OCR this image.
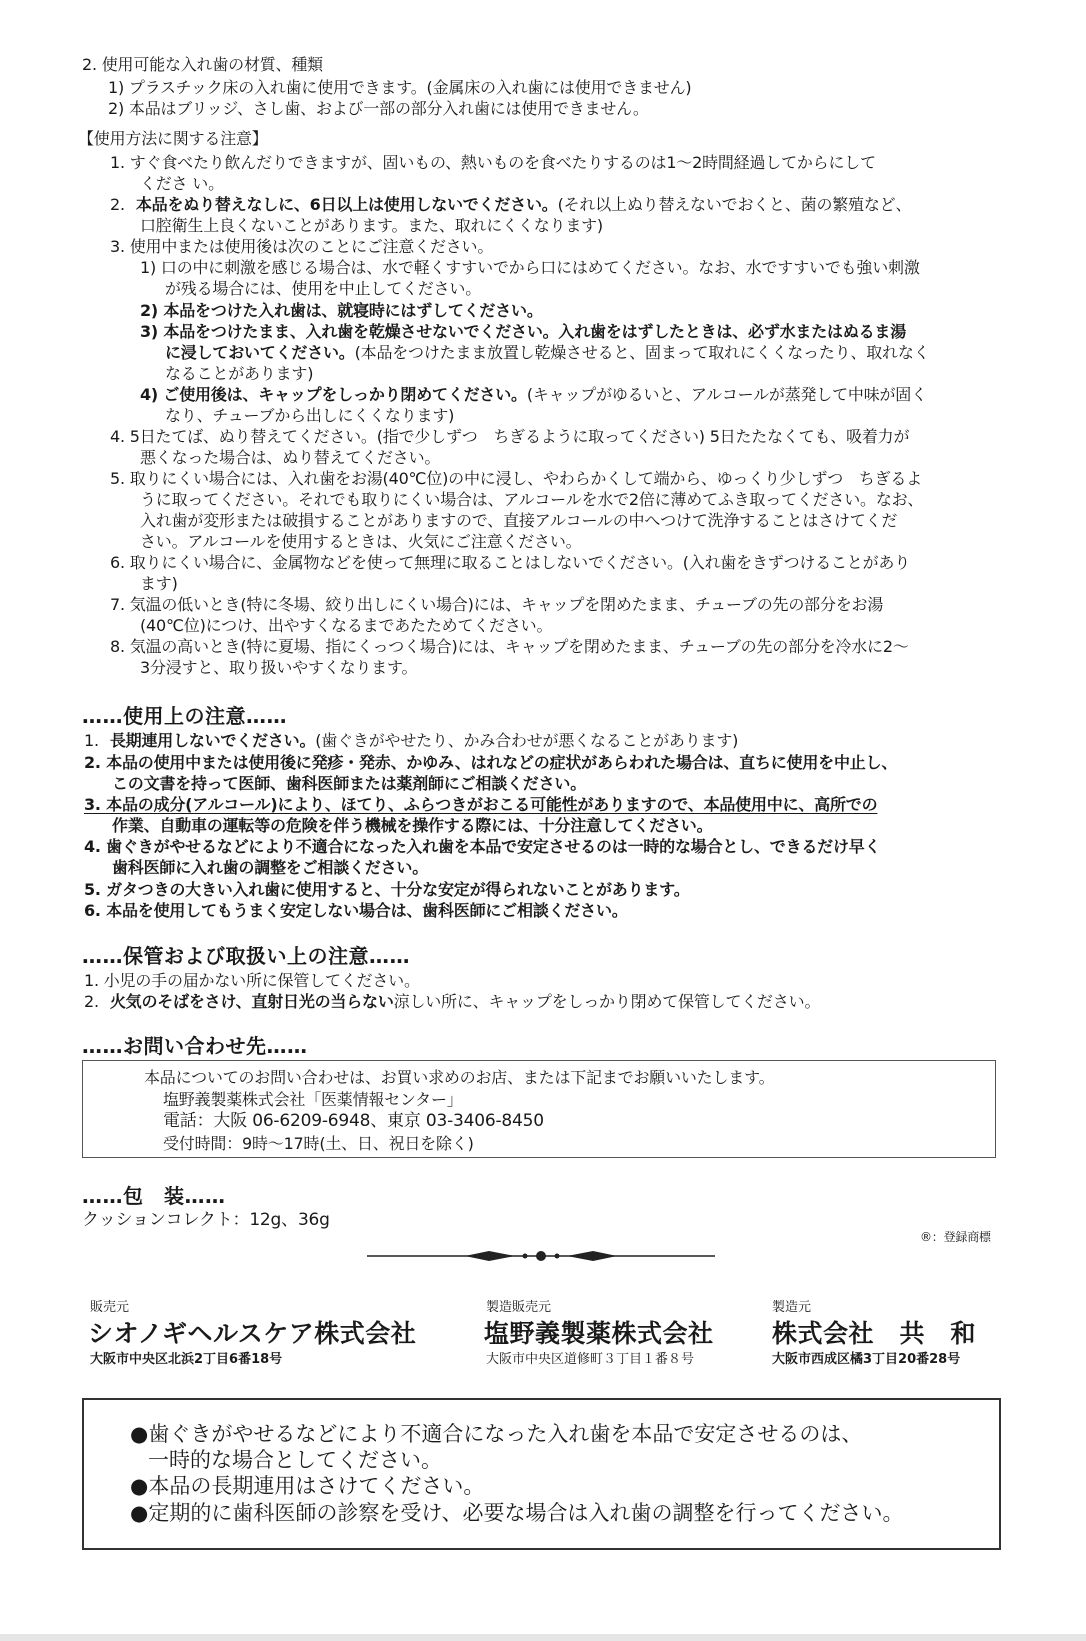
2. 使用可能な入れ歯の材質、種類
1) プラスチック床の入れ歯に使用できます。(金属床の入れ歯には使用できません)
2) 本品はブリッジ、さし歯、および一部の部分入れ歯には使用できません。
【使用方法に関する注意】
1. すぐ食べたり飲んだりできますが、固いもの、熱いものを食べたりするのは1～2時間経過してからにして
くださ い。
2. 本品をぬり替えなしに、6日以上は使用しないでください。(それ以上ぬり替えないでおくと、菌の繁殖など、
口腔衛生上良くないことがあります。また、取れにくくなります)
3. 使用中または使用後は次のことにご注意ください。
1) 口の中に刺激を感じる場合は、水で軽くすすいでから口にはめてください。なお、水ですすいでも強い刺激
が残る場合には、使用を中止してください。
2) 本品をつけた入れ歯は、就寝時にはずしてください。
3) 本品をつけたまま、入れ歯を乾燥させないでください。入れ歯をはずしたときは、必ず水またはぬるま湯
に浸しておいてください。(本品をつけたまま放置し乾燥させると、固まって取れにくくなったり、取れなく
なることがあります)
4) ご使用後は、キャップをしっかり閉めてください。(キャップがゆるいと、アルコールが蒸発して中味が固く
なり、チューブから出しにくくなります)
4. 5日たてば、ぬり替えてください。(指で少しずつ　ちぎるように取ってください) 5日たたなくても、吸着力が
悪くなった場合は、ぬり替えてください。
5. 取りにくい場合には、入れ歯をお湯(40℃位)の中に浸し、やわらかくして端から、ゆっくり少しずつ　ちぎるよ
うに取ってください。それでも取りにくい場合は、アルコールを水で2倍に薄めてふき取ってください。なお、
入れ歯が変形または破損することがありますので、直接アルコールの中へつけて洗浄することはさけてくだ
さい。アルコールを使用するときは、火気にご注意ください。
6. 取りにくい場合に、金属物などを使って無理に取ることはしないでください。(入れ歯をきずつけることがあり
ます)
7. 気温の低いとき(特に冬場、絞り出しにくい場合)には、キャップを閉めたまま、チューブの先の部分をお湯
(40℃位)につけ、出やすくなるまであたためてください。
8. 気温の高いとき(特に夏場、指にくっつく場合)には、キャップを閉めたまま、チューブの先の部分を冷水に2～
3分浸すと、取り扱いやすくなります。
……使用上の注意……
1. 長期連用しないでください。(歯ぐきがやせたり、かみ合わせが悪くなることがあります)
2. 本品の使用中または使用後に発疹・発赤、かゆみ、はれなどの症状があらわれた場合は、直ちに使用を中止し、
この文書を持って医師、歯科医師または薬剤師にご相談ください。
3. 本品の成分(アルコール)により、ほてり、ふらつきがおこる可能性がありますので、本品使用中に、高所での
作業、自動車の運転等の危険を伴う機械を操作する際には、十分注意してください。
4. 歯ぐきがやせるなどにより不適合になった入れ歯を本品で安定させるのは一時的な場合とし、できるだけ早く
歯科医師に入れ歯の調整をご相談ください。
5. ガタつきの大きい入れ歯に使用すると、十分な安定が得られないことがあります。
6. 本品を使用してもうまく安定しない場合は、歯科医師にご相談ください。
……保管および取扱い上の注意……
1. 小児の手の届かない所に保管してください。
2. 火気のそばをさけ、直射日光の当らない涼しい所に、キャップをしっかり閉めて保管してください。
……お問い合わせ先……
本品についてのお問い合わせは、お買い求めのお店、または下記までお願いいたします。
塩野義製薬株式会社「医薬情報センター」
電話：大阪 06-6209-6948、東京 03-3406-8450
受付時間：9時～17時(土、日、祝日を除く)
……包　装……
クッションコレクト：12g、36g
®：登録商標
販売元
シオノギヘルスケア株式会社
大阪市中央区北浜2丁目6番18号
製造販売元
塩野義製薬株式会社
大阪市中央区道修町３丁目１番８号
製造元
株式会社　共　和
大阪市西成区橘3丁目20番28号
●歯ぐきがやせるなどにより不適合になった入れ歯を本品で安定させるのは、
一時的な場合としてください。
●本品の長期連用はさけてください。
●定期的に歯科医師の診察を受け、必要な場合は入れ歯の調整を行ってください。
